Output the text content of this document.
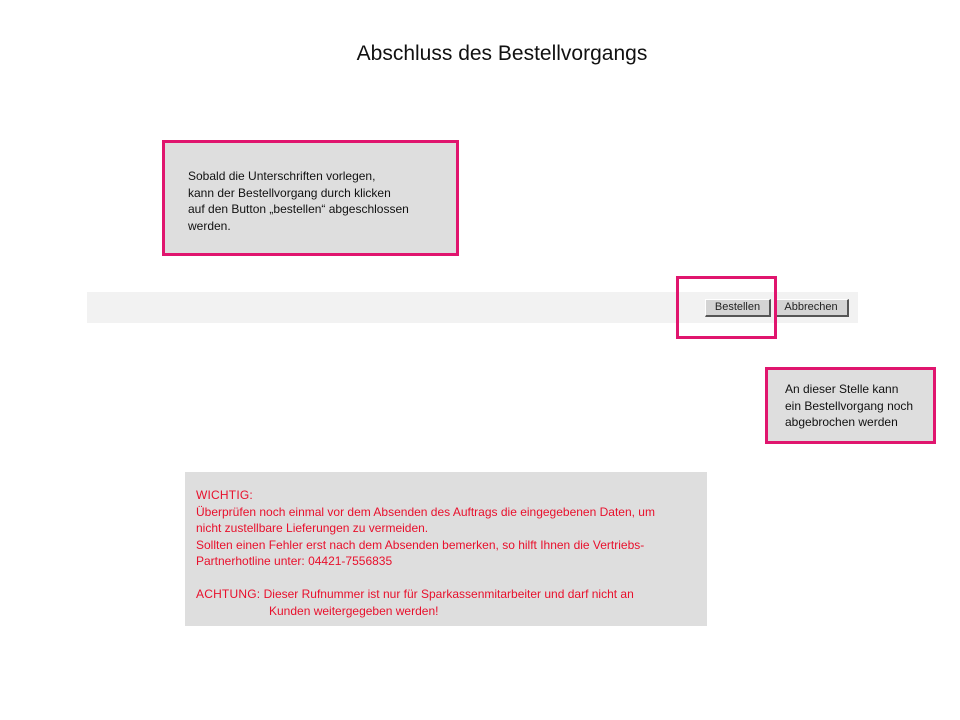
Abschluss des Bestellvorgangs
Sobald die Unterschriften vorlegen,
kann der Bestellvorgang durch klicken
auf den Button „bestellen“ abgeschlossen
werden.
Bestellen	Abbrechen
An dieser Stelle kann
ein Bestellvorgang noch
abgebrochen werden
WICHTIG:
Überprüfen noch einmal vor dem Absenden des Auftrags die eingegebenen Daten, um
nicht zustellbare Lieferungen zu vermeiden.
Sollten einen Fehler erst nach dem Absenden bemerken, so hilft Ihnen die Vertriebs-
Partnerhotline unter: 04421-7556835
ACHTUNG: Dieser Rufnummer ist nur für Sparkassenmitarbeiter und darf nicht an
Kunden weitergegeben werden!
